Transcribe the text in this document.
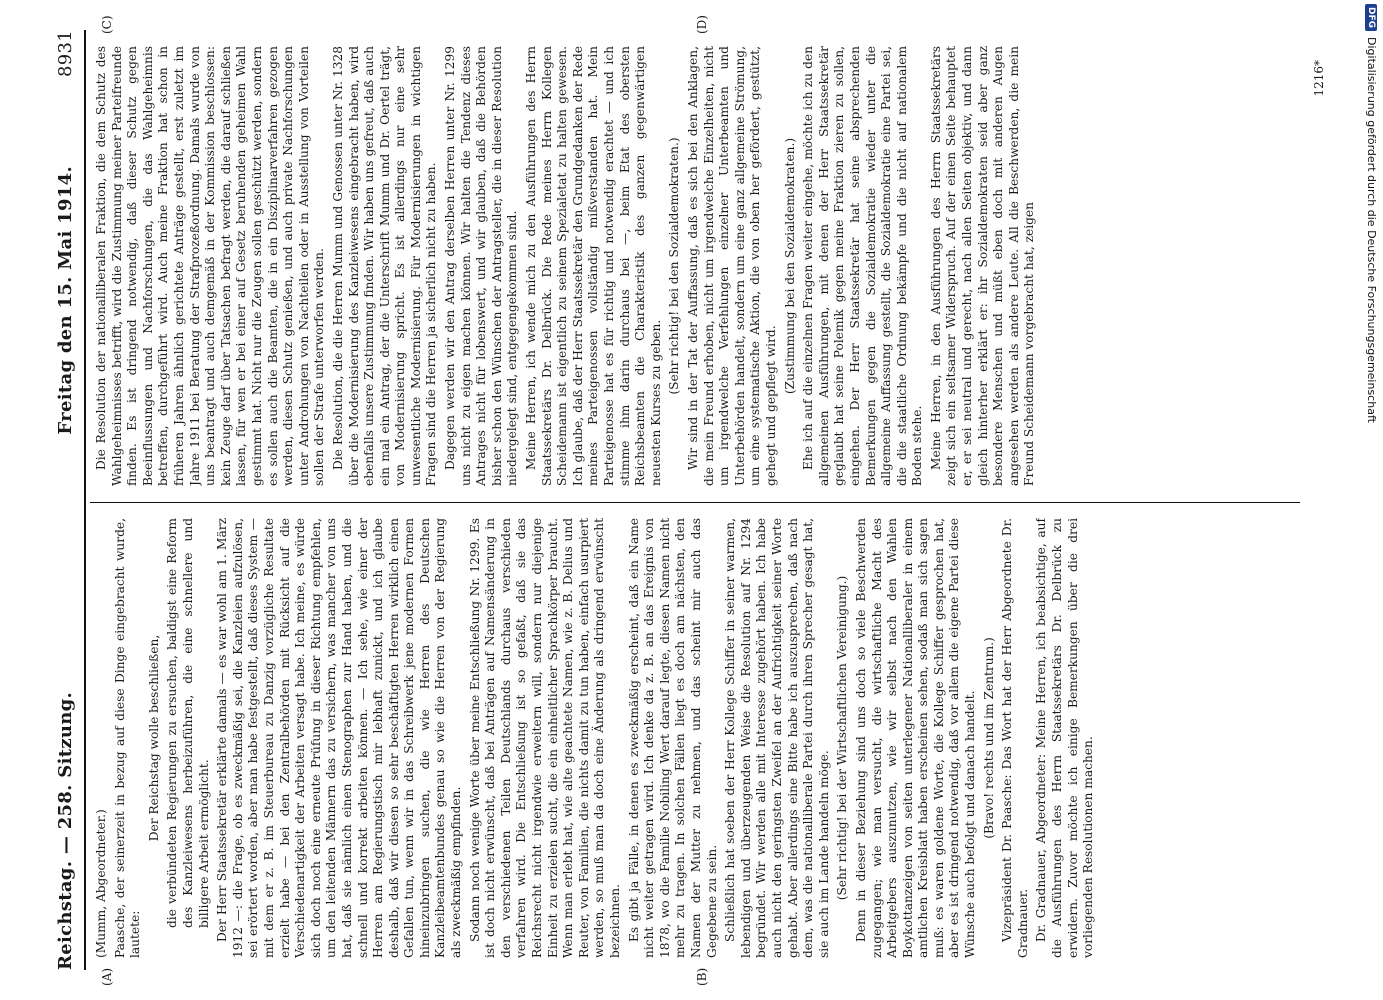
Reichstag. — 258. Sitzung.
Freitag den 15. Mai 1914.
8931
(A)	(B)
(C)	(D)

(Mumm, Abgeordneter.) Paasche, der seinerzeit in bezug auf diese Dinge eingebracht wurde, lautete:

Der Reichstag wolle beschließen, die verbündeten Regierungen zu ersuchen, baldigst eine Reform des Kanzleiwesens herbeizuführen, die eine schnellere und billigere Arbeit ermöglicht. Der Herr Staatssekretär erklärte damals — es war wohl am 1. März 1912 —: die Frage, ob es zweckmäßig sei, die Kanzleien aufzulösen, sei erörtert worden, aber man habe festgestellt, daß dieses System — mit dem er z. B. im Steuerbureau zu Danzig vorzügliche Resultate erzielt habe — bei den Zentralbehörden mit Rücksicht auf die Verschiedenartigkeit der Arbeiten versagt habe. Ich meine, es würde sich doch noch eine erneute Prüfung in dieser Richtung empfehlen, um den leitenden Männern das zu versichern, was mancher von uns hat, daß sie nämlich einen Stenographen zur Hand haben, und die schnell und korrekt arbeiten können. — Ich sehe, wie einer der Herren am Regierungstisch mir lebhaft zunickt, und ich glaube deshalb, daß wir diesen so sehr beschäftigten Herren wirklich einen Gefallen tun, wenn wir in das Schreibwerk jene modernen Formen hineinzubringen suchen, die wie Herren des Deutschen Kanzleibeamtenbundes genau so wie die Herren von der Regierung als zweckmäßig empfinden. Sodann noch wenige Worte über meine Entschließung Nr. 1299. Es ist doch nicht erwünscht, daß bei Anträgen auf Namensänderung in den verschiedenen Teilen Deutschlands durchaus verschieden verfahren wird. Die Entschließung ist so gefaßt, daß sie das Reichsrecht nicht irgendwie erweitern will, sondern nur diejenige Einheit zu erzielen sucht, die ein einheitlicher Sprachkörper braucht. Wenn man erlebt hat, wie alte geachtete Namen, wie z. B. Delius und Reuter, von Familien, die nichts damit zu tun haben, einfach usurpiert werden, so muß man da doch eine Änderung als dringend erwünscht bezeichnen. Es gibt ja Fälle, in denen es zweckmäßig erscheint, daß ein Name nicht weiter getragen wird. Ich denke da z. B. an das Ereignis von 1878, wo die Familie Nobiling Wert darauf legte, diesen Namen nicht mehr zu tragen. In solchen Fällen liegt es doch am nächsten, den Namen der Mutter zu nehmen, und das scheint mir auch das Gegebene zu sein. Schließlich hat soeben der Herr Kollege Schiffer in seiner warmen, lebendigen und überzeugenden Weise die Resolution auf Nr. 1294 begründet. Wir werden alle mit Interesse zugehört haben. Ich habe auch nicht den geringsten Zweifel an der Aufrichtigkeit seiner Worte gehabt. Aber allerdings eine Bitte habe ich auszusprechen, daß nach dem, was die nationalliberale Partei durch ihren Sprecher gesagt hat, sie auch im Lande handeln möge. (Sehr richtig! bei der Wirtschaftlichen Vereinigung.) Denn in dieser Beziehung sind uns doch so viele Beschwerden zugegangen; wie man versucht, die wirtschaftliche Macht des Arbeitgebers auszunutzen, wie wir selbst nach den Wahlen Boykottanzeigen von seiten unterlegener Nationalliberaler in einem amtlichen Kreisblatt haben erscheinen sehen, sodaß man sich sagen muß: es waren goldene Worte, die Kollege Schiffer gesprochen hat, aber es ist dringend notwendig, daß vor allem die eigene Partei diese Wünsche auch befolgt und danach handelt. (Bravo! rechts und im Zentrum.) Vizepräsident Dr. Paasche: Das Wort hat der Herr Abgeordnete Dr. Gradnauer. Dr. Gradnauer, Abgeordneter: Meine Herren, ich beabsichtige, auf die Ausführungen des Herrn Staatssekretärs Dr. Delbrück zu erwidern. Zuvor möchte ich einige Bemerkungen über die drei vorliegenden Resolutionen machen.

Die Resolution der nationalliberalen Fraktion, die dem Schutz des Wahlgeheimnisses betrifft, wird die Zustimmung meiner Parteifreunde finden. Es ist dringend notwendig, daß dieser Schutz gegen Beeinflussungen und Nachforschungen, die das Wahlgeheimnis betreffen, durchgeführt wird. Auch meine Fraktion hat schon in früheren Jahren ähnlich gerichtete Anträge gestellt, erst zuletzt im Jahre 1911 bei Beratung der Strafprozeßordnung. Damals wurde von uns beantragt und auch demgemäß in der Kommission beschlossen: kein Zeuge darf über Tatsachen befragt werden, die darauf schließen lassen, für wen er bei einer auf Gesetz beruhenden geheimen Wahl gestimmt hat. Nicht nur die Zeugen sollen geschützt werden, sondern es sollen auch die Beamten, die in ein Disziplinarverfahren gezogen werden, diesen Schutz genießen, und auch private Nachforschungen unter Androhungen von Nachteilen oder in Ausstellung von Vorteilen sollen der Strafe unterworfen werden. Die Resolution, die die Herren Mumm und Genossen unter Nr. 1328 über die Modernisierung des Kanzleiwesens eingebracht haben, wird ebenfalls unsere Zustimmung finden. Wir haben uns gefreut, daß auch ein mal ein Antrag, der die Unterschrift Mumm und Dr. Oertel trägt, von Modernisierung spricht. Es ist allerdings nur eine sehr unwesentliche Modernisierung. Für Modernisierungen in wichtigen Fragen sind die Herren ja sicherlich nicht zu haben. Dagegen werden wir den Antrag derselben Herren unter Nr. 1299 uns nicht zu eigen machen können. Wir halten die Tendenz dieses Antrages nicht für lobenswert, und wir glauben, daß die Behörden bisher schon den Wünschen der Antragsteller, die in dieser Resolution niedergelegt sind, entgegengekommen sind. Meine Herren, ich wende mich zu den Ausführungen des Herrn Staatssekretärs Dr. Delbrück. Die Rede meines Herrn Kollegen Scheidemann ist eigentlich zu seinem Spezialetat zu halten gewesen. Ich glaube, daß der Herr Staatssekretär den Grundgedanken der Rede meines Parteigenossen vollständig mißverstanden hat. Mein Parteigenosse hat es für richtig und notwendig erachtet — und ich stimme ihm darin durchaus bei —, beim Etat des obersten Reichsbeamten die Charakteristik des ganzen gegenwärtigen neuesten Kurses zu geben.

(Sehr richtig! bei den Sozialdemokraten.) Wir sind in der Tat der Auffassung, daß es sich bei den Anklagen, die mein Freund erhoben, nicht um irgendwelche Einzelheiten, nicht um irgendwelche Verfehlungen einzelner Unterbeamten und Unterbehörden handelt, sondern um eine ganz allgemeine Strömung, um eine systematische Aktion, die von oben her gefördert, gestützt, gehegt und gepflegt wird.

(Zustimmung bei den Sozialdemokraten.) Ehe ich auf die einzelnen Fragen weiter eingehe, möchte ich zu den allgemeinen Ausführungen, mit denen der Herr Staatssekretär geglaubt hat seine Polemik gegen meine Fraktion zieren zu sollen, eingehen. Der Herr Staatssekretär hat seine absprechenden Bemerkungen gegen die Sozialdemokratie wieder unter die allgemeine Auffassung gestellt, die Sozialdemokratie eine Partei sei, die die staatliche Ordnung bekämpfe und die nicht auf nationalem Boden stehe. Meine Herren, in den Ausführungen des Herrn Staatssekretärs zeigt sich ein seltsamer Widerspruch. Auf der einen Seite behauptet er, er sei neutral und gerecht, nach allen Seiten objektiv, und dann gleich hinterher erklärt er: ihr Sozialdemokraten seid aber ganz besondere Menschen und müßt eben doch mit anderen Augen angesehen werden als andere Leute. All die Beschwerden, die mein Freund Scheidemann vorgebracht hat, zeigen

1216*
DFG
Digitalisierung gefördert durch die Deutsche Forschungsgemeinschaft
